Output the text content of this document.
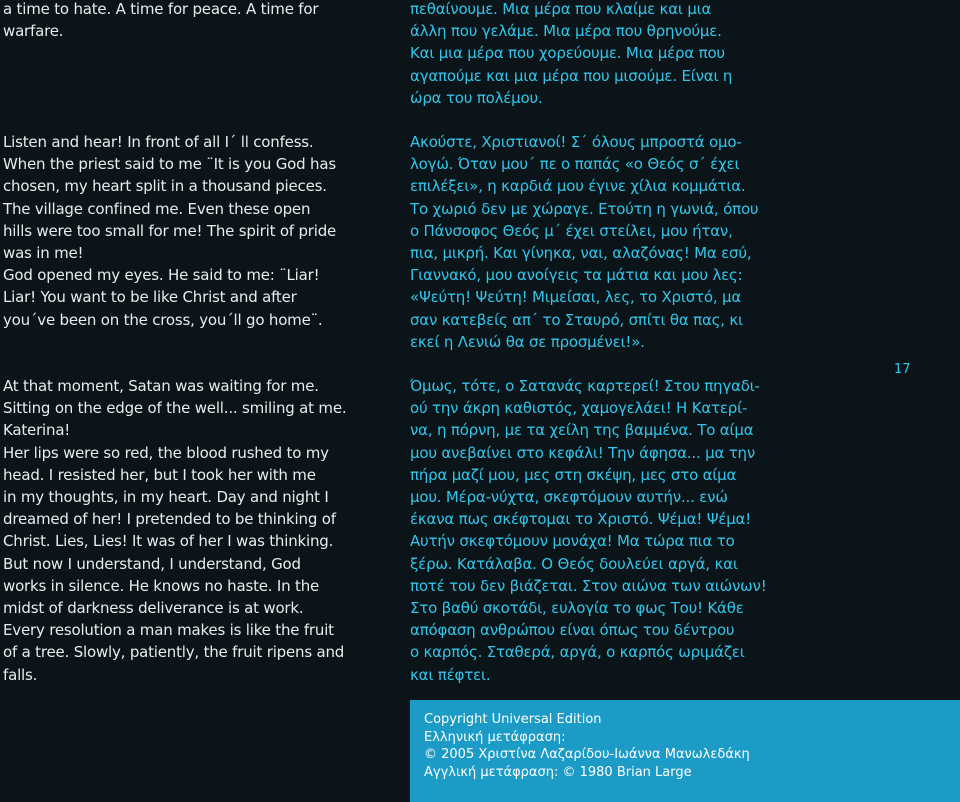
a time to hate. A time for peace. A time for
warfare.
Listen and hear! In front of all I´ ll confess.
When the priest said to me ¨It is you God has
chosen, my heart split in a thousand pieces.
The village confined me. Even these open
hills were too small for me! The spirit of pride
was in me!
God opened my eyes. He said to me: ¨Liar!
Liar! You want to be like Christ and after
you´ve been on the cross, you´ll go home¨.
At that moment, Satan was waiting for me.
Sitting on the edge of the well... smiling at me.
Katerina!
Her lips were so red, the blood rushed to my
head. I resisted her, but I took her with me
in my thoughts, in my heart. Day and night I
dreamed of her! I pretended to be thinking of
Christ. Lies, Lies! It was of her I was thinking.
But now I understand, I understand, God
works in silence. He knows no haste. In the
midst of darkness deliverance is at work.
Every resolution a man makes is like the fruit
of a tree. Slowly, patiently, the fruit ripens and
falls.
πεθαίνουμε. Μια μέρα που κλαίμε και μια
άλλη που γελάμε. Μια μέρα που θρηνούμε.
Και μια μέρα που χορεύουμε. Μια μέρα που
αγαπούμε και μια μέρα που μισούμε. Είναι η
ώρα του πολέμου.
Ακούστε, Χριστιανοί! Σ΄ όλους μπροστά ομο-
λογώ. Όταν μου΄ πε ο παπάς «ο Θεός σ΄ έχει
επιλέξει», η καρδιά μου έγινε χίλια κομμάτια.
Το χωριό δεν με χώραγε. Ετούτη η γωνιά, όπου
ο Πάνσοφος Θεός μ΄ έχει στείλει, μου ήταν,
πια, μικρή. Και γίνηκα, ναι, αλαζόνας! Μα εσύ,
Γιαννακό, μου ανοίγεις τα μάτια και μου λες:
«Ψεύτη! Ψεύτη! Μιμείσαι, λες, το Χριστό, μα
σαν κατεβείς απ΄ το Σταυρό, σπίτι θα πας, κι
εκεί η Λενιώ θα σε προσμένει!».
Όμως, τότε, ο Σατανάς καρτερεί! Στου πηγαδι-
ού την άκρη καθιστός, χαμογελάει! Η Κατερί-
να, η πόρνη, με τα χείλη της βαμμένα. Το αίμα
μου ανεβαίνει στο κεφάλι! Την άφησα... μα την
πήρα μαζί μου, μες στη σκέψη, μες στο αίμα
μου. Μέρα-νύχτα, σκεφτόμουν αυτήν... ενώ
έκανα πως σκέφτομαι το Χριστό. Ψέμα! Ψέμα!
Αυτήν σκεφτόμουν μονάχα! Μα τώρα πια το
ξέρω. Κατάλαβα. Ο Θεός δουλεύει αργά, και
ποτέ του δεν βιάζεται. Στον αιώνα των αιώνων!
Στο βαθύ σκοτάδι, ευλογία το φως Του! Κάθε
απόφαση ανθρώπου είναι όπως του δέντρου
ο καρπός. Σταθερά, αργά, ο καρπός ωριμάζει
και πέφτει.
17
Copyright Universal Edition
Ελληνική μετάφραση:
© 2005 Χριστίνα Λαζαρίδου-Ιωάννα Μανωλεδάκη
Αγγλική μετάφραση: © 1980 Brian Large
